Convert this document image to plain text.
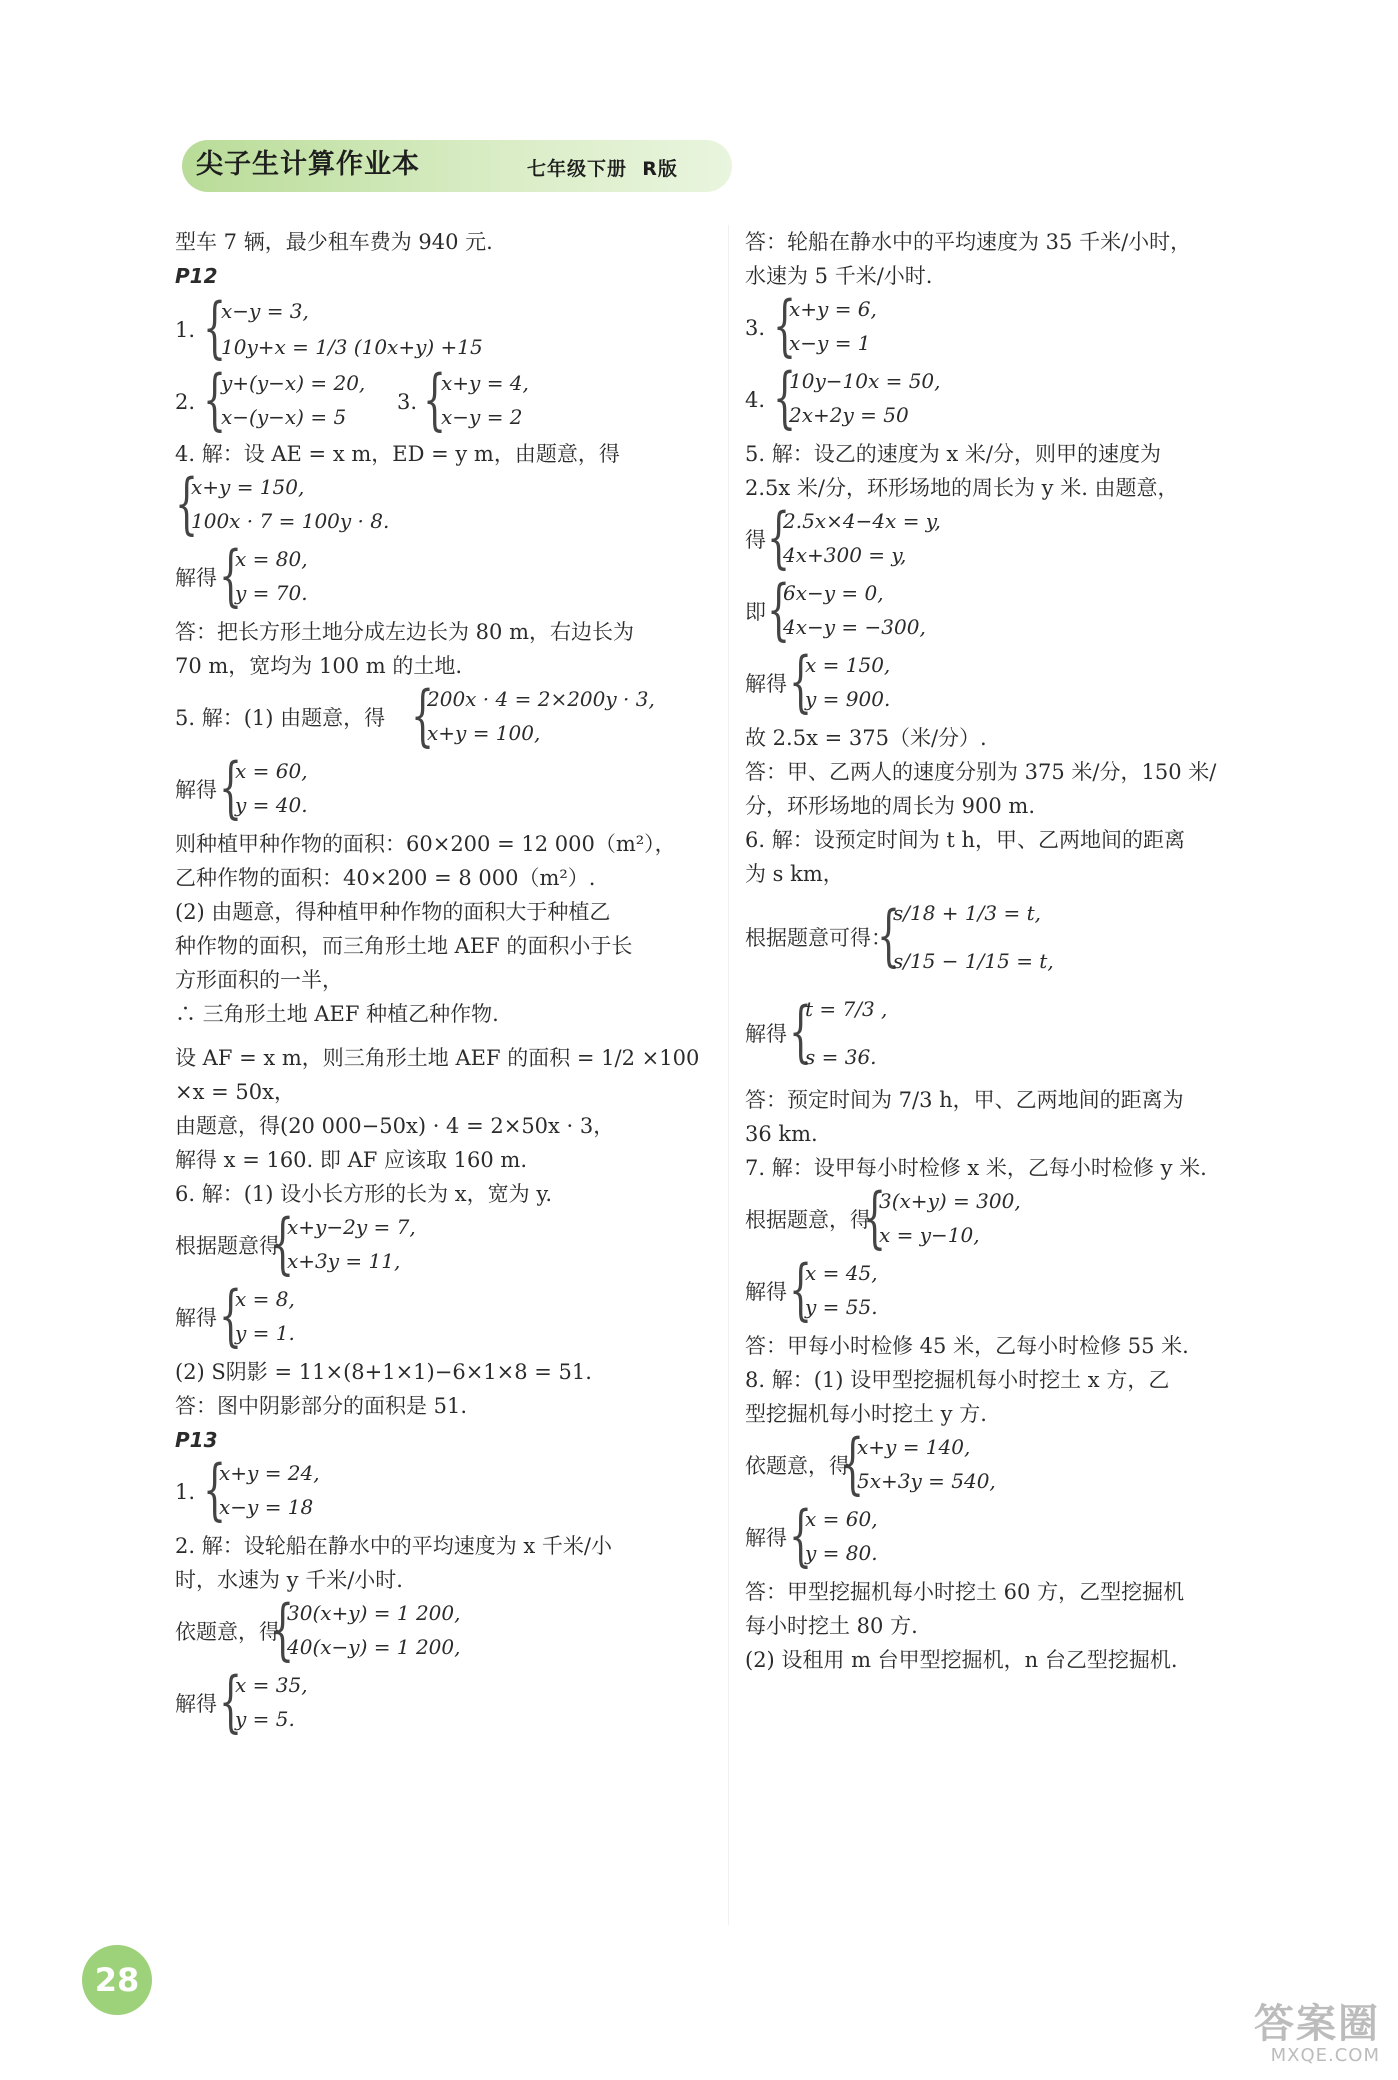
尖子生计算作业本	七年级下册 R版
型车 7 辆，最少租车费为 940 元.
P12
1. {
x−y = 3,
10y+x = 1/3 (10x+y) +15
2. {
y+(y−x) = 20,
x−(y−x) = 5
3. {
x+y = 4,
x−y = 2
4. 解：设 AE = x m，ED = y m，由题意，得
{
x+y = 150,
100x · 7 = 100y · 8.
解得 {
x = 80,
y = 70.
答：把长方形土地分成左边长为 80 m，右边长为
70 m，宽均为 100 m 的土地.
5. 解：(1) 由题意，得 {
200x · 4 = 2×200y · 3,
x+y = 100,
解得 {
x = 60,
y = 40.
则种植甲种作物的面积：60×200 = 12 000（m²），
乙种作物的面积：40×200 = 8 000（m²）.
(2) 由题意，得种植甲种作物的面积大于种植乙
种作物的面积，而三角形土地 AEF 的面积小于长
方形面积的一半，
∴ 三角形土地 AEF 种植乙种作物.
设 AF = x m，则三角形土地 AEF 的面积 = 1/2 ×100
×x = 50x，
由题意，得(20 000−50x) · 4 = 2×50x · 3，
解得 x = 160. 即 AF 应该取 160 m.
6. 解：(1) 设小长方形的长为 x，宽为 y.
根据题意得
{
x+y−2y = 7,
x+3y = 11,
解得 {
x = 8,
y = 1.
(2) S阴影 = 11×(8+1×1)−6×1×8 = 51.
答：图中阴影部分的面积是 51.
P13
1. {
x+y = 24,
x−y = 18
2. 解：设轮船在静水中的平均速度为 x 千米/小
时，水速为 y 千米/小时.
依题意，得
{
30(x+y) = 1 200,
40(x−y) = 1 200,
解得 {
x = 35,
y = 5.
答：轮船在静水中的平均速度为 35 千米/小时，
水速为 5 千米/小时.
3. {
x+y = 6,
x−y = 1
4. {
10y−10x = 50,
2x+2y = 50
5. 解：设乙的速度为 x 米/分，则甲的速度为
2.5x 米/分，环形场地的周长为 y 米. 由题意，
得 {
2.5x×4−4x = y,
4x+300 = y,
即 {
6x−y = 0,
4x−y = −300,
解得 {
x = 150,
y = 900.
故 2.5x = 375（米/分）.
答：甲、乙两人的速度分别为 375 米/分，150 米/
分，环形场地的周长为 900 m.
6. 解：设预定时间为 t h，甲、乙两地间的距离
为 s km，
根据题意可得：
{
s/18 + 1/3 = t,
s/15 − 1/15 = t,
解得 {
t = 7/3 ,
s = 36.
答：预定时间为 7/3 h，甲、乙两地间的距离为
36 km.
7. 解：设甲每小时检修 x 米，乙每小时检修 y 米.
根据题意，得
{
3(x+y) = 300,
x = y−10,
解得 {
x = 45,
y = 55.
答：甲每小时检修 45 米，乙每小时检修 55 米.
8. 解：(1) 设甲型挖掘机每小时挖土 x 方，乙
型挖掘机每小时挖土 y 方.
依题意，得
{
x+y = 140,
5x+3y = 540,
解得 {
x = 60,
y = 80.
答：甲型挖掘机每小时挖土 60 方，乙型挖掘机
每小时挖土 80 方.
(2) 设租用 m 台甲型挖掘机，n 台乙型挖掘机.
28
答案圈
MXQE.COM
